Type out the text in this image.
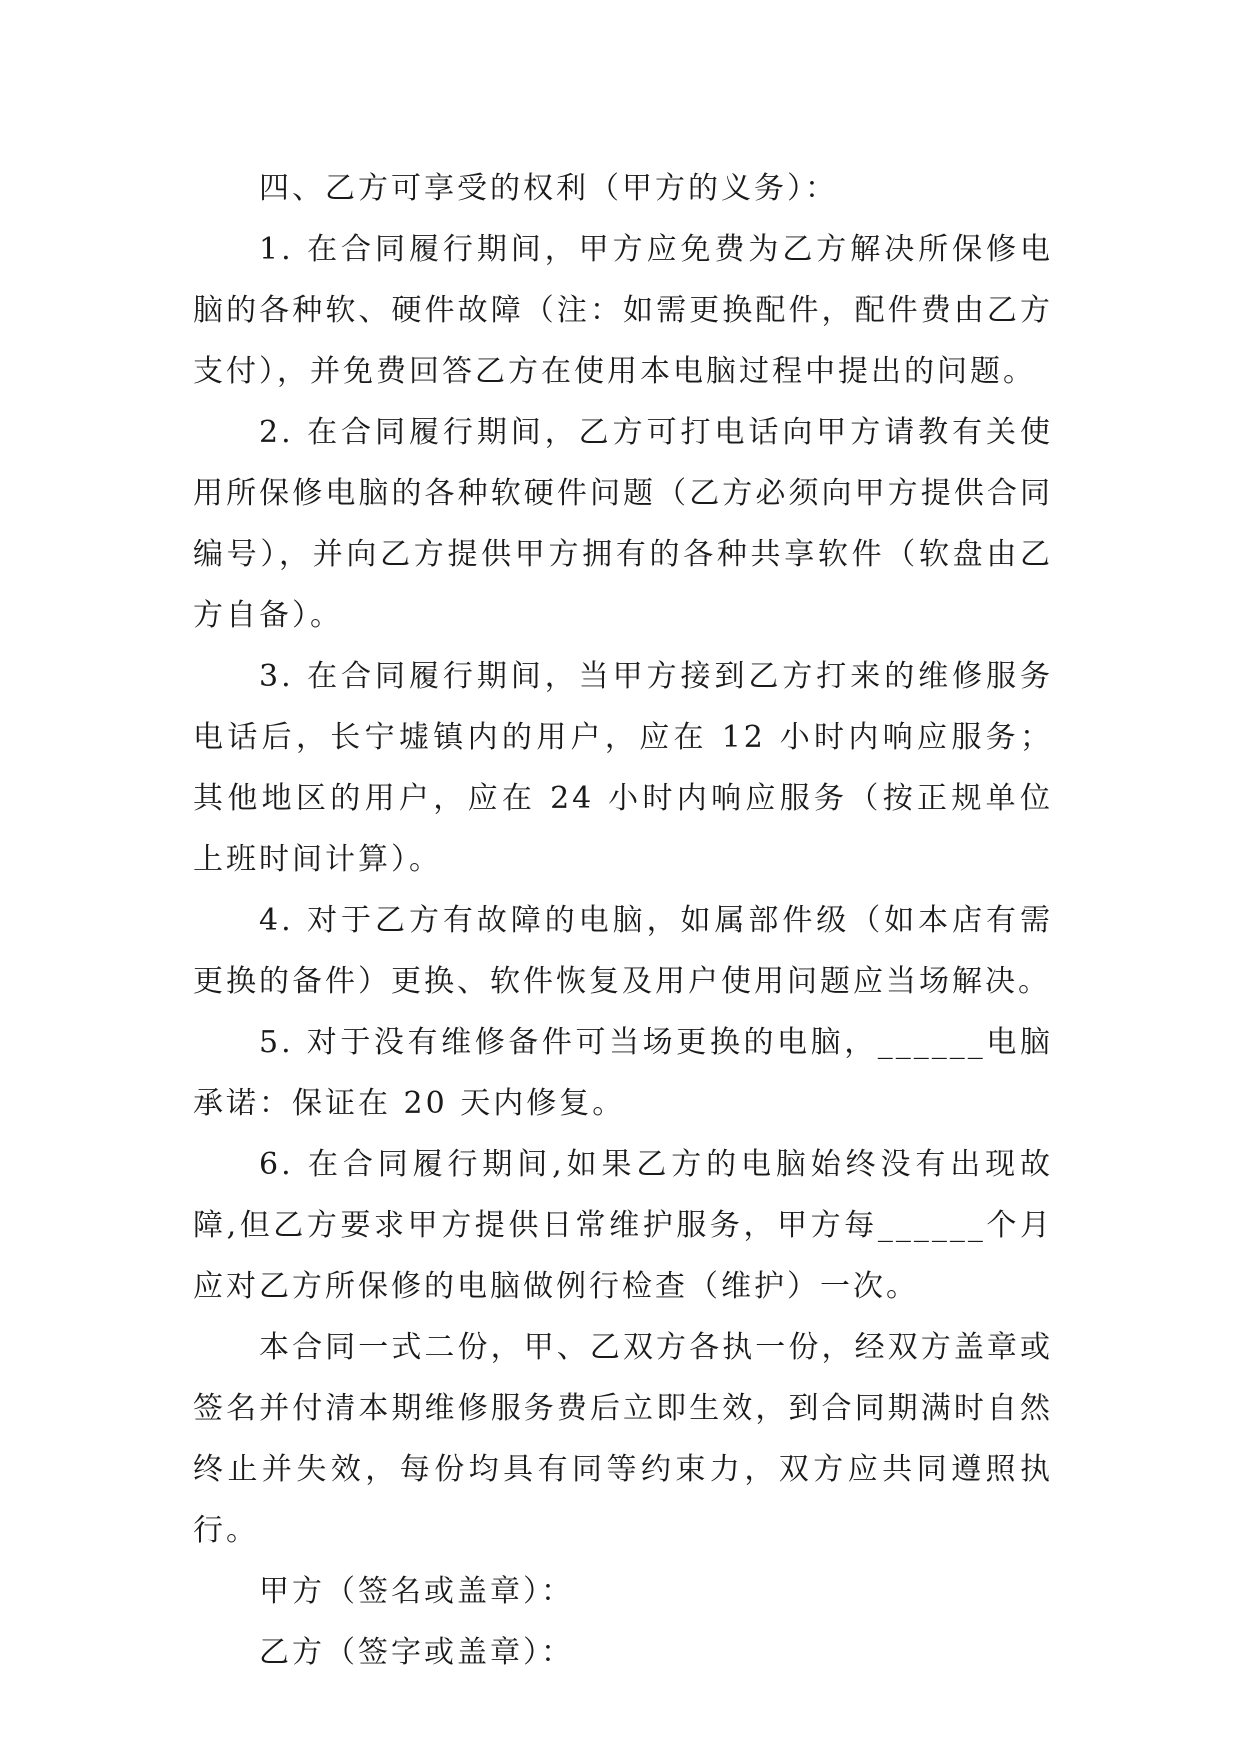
四、乙方可享受的权利（甲方的义务）：

1. 在合同履行期间，甲方应免费为乙方解决所保修电脑的各种软、硬件故障（注：如需更换配件，配件费由乙方支付），并免费回答乙方在使用本电脑过程中提出的问题。

2. 在合同履行期间，乙方可打电话向甲方请教有关使用所保修电脑的各种软硬件问题（乙方必须向甲方提供合同编号），并向乙方提供甲方拥有的各种共享软件（软盘由乙方自备）。

3. 在合同履行期间，当甲方接到乙方打来的维修服务电话后，长宁墟镇内的用户，应在 12 小时内响应服务；其他地区的用户，应在 24 小时内响应服务（按正规单位上班时间计算）。

4. 对于乙方有故障的电脑，如属部件级（如本店有需更换的备件）更换、软件恢复及用户使用问题应当场解决。

5. 对于没有维修备件可当场更换的电脑，______电脑承诺：保证在 20 天内修复。

6. 在合同履行期间,如果乙方的电脑始终没有出现故障,但乙方要求甲方提供日常维护服务，甲方每______个月应对乙方所保修的电脑做例行检查（维护）一次。

本合同一式二份，甲、乙双方各执一份，经双方盖章或签名并付清本期维修服务费后立即生效，到合同期满时自然终止并失效，每份均具有同等约束力，双方应共同遵照执行。

甲方（签名或盖章）：

乙方（签字或盖章）：
